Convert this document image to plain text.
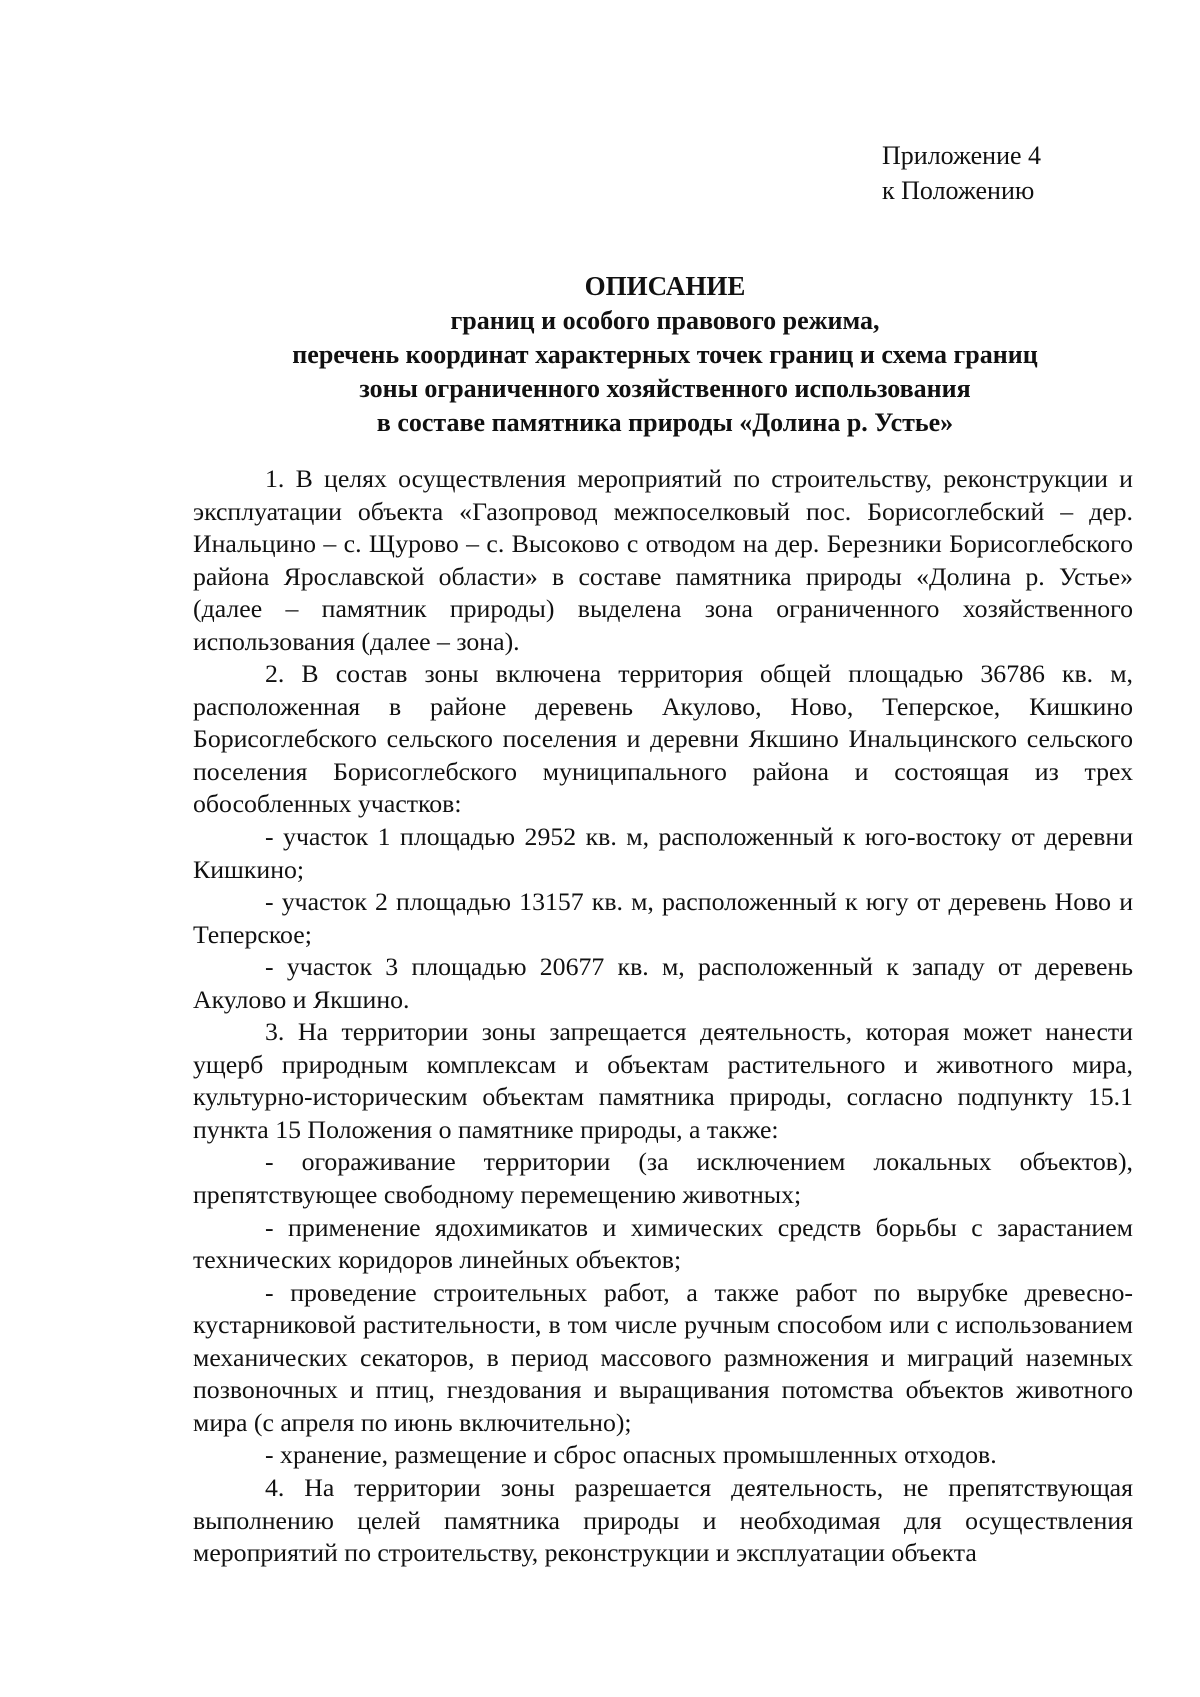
Приложение 4
к Положению
ОПИСАНИЕ
границ и особого правового режима,
перечень координат характерных точек границ и схема границ
зоны ограниченного хозяйственного использования
в составе памятника природы «Долина р. Устье»

1. В целях осуществления мероприятий по строительству, реконструкции и эксплуатации объекта «Газопровод межпоселковый пос. Борисоглебский – дер. Инальцино – с. Щурово – с. Высоково с отводом на дер. Березники Борисоглебского района Ярославской области» в составе памятника природы «Долина р. Устье» (далее – памятник природы) выделена зона ограниченного хозяйственного использования (далее – зона).

2. В состав зоны включена территория общей площадью 36786 кв. м, расположенная в районе деревень Акулово, Ново, Теперское, Кишкино Борисоглебского сельского поселения и деревни Якшино Инальцинского сельского поселения Борисоглебского муниципального района и состоящая из трех обособленных участков:

- участок 1 площадью 2952 кв. м, расположенный к юго-востоку от деревни Кишкино;

- участок 2 площадью 13157 кв. м, расположенный к югу от деревень Ново и Теперское;

- участок 3 площадью 20677 кв. м, расположенный к западу от деревень Акулово и Якшино.

3. На территории зоны запрещается деятельность, которая может нанести ущерб природным комплексам и объектам растительного и животного мира, культурно-историческим объектам памятника природы, согласно подпункту 15.1 пункта 15 Положения о памятнике природы, а также:

- огораживание территории (за исключением локальных объектов), препятствующее свободному перемещению животных;

- применение ядохимикатов и химических средств борьбы с зарастанием технических коридоров линейных объектов;

- проведение строительных работ, а также работ по вырубке древесно-кустарниковой растительности, в том числе ручным способом или с использованием механических секаторов, в период массового размножения и миграций наземных позвоночных и птиц, гнездования и выращивания потомства объектов животного мира (с апреля по июнь включительно);

- хранение, размещение и сброс опасных промышленных отходов.

4. На территории зоны разрешается деятельность, не препятствующая выполнению целей памятника природы и необходимая для осуществления мероприятий по строительству, реконструкции и эксплуатации объекта
